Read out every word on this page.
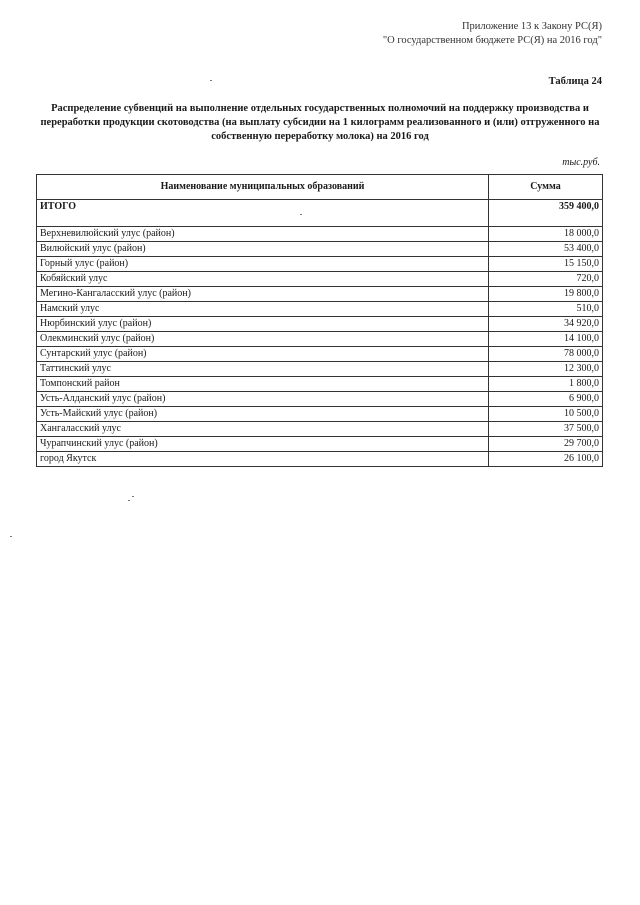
Приложение 13 к Закону РС(Я)
"О государственном бюджете РС(Я) на 2016 год"
Таблица 24
Распределение субвенций на выполнение отдельных государственных полномочий на поддержку производства и переработки продукции скотоводства (на выплату субсидии на 1 килограмм реализованного и (или) отгруженного на собственную переработку молока) на 2016 год
тыс.руб.
Наименование муниципальных образований	Сумма
ИТОГО	359 400,0
Верхневилюйский улус (район)	18 000,0
Вилюйский улус (район)	53 400,0
Горный улус (район)	15 150,0
Кобяйский улус	720,0
Мегино-Кангаласский улус (район)	19 800,0
Намский улус	510,0
Нюрбинский улус (район)	34 920,0
Олекминский улус (район)	14 100,0
Сунтарский улус (район)	78 000,0
Таттинский улус	12 300,0
Томпонский район	1 800,0
Усть-Алданский улус (район)	6 900,0
Усть-Майский улус (район)	10 500,0
Хангаласский улус	37 500,0
Чурапчинский улус (район)	29 700,0
город Якутск	26 100,0
